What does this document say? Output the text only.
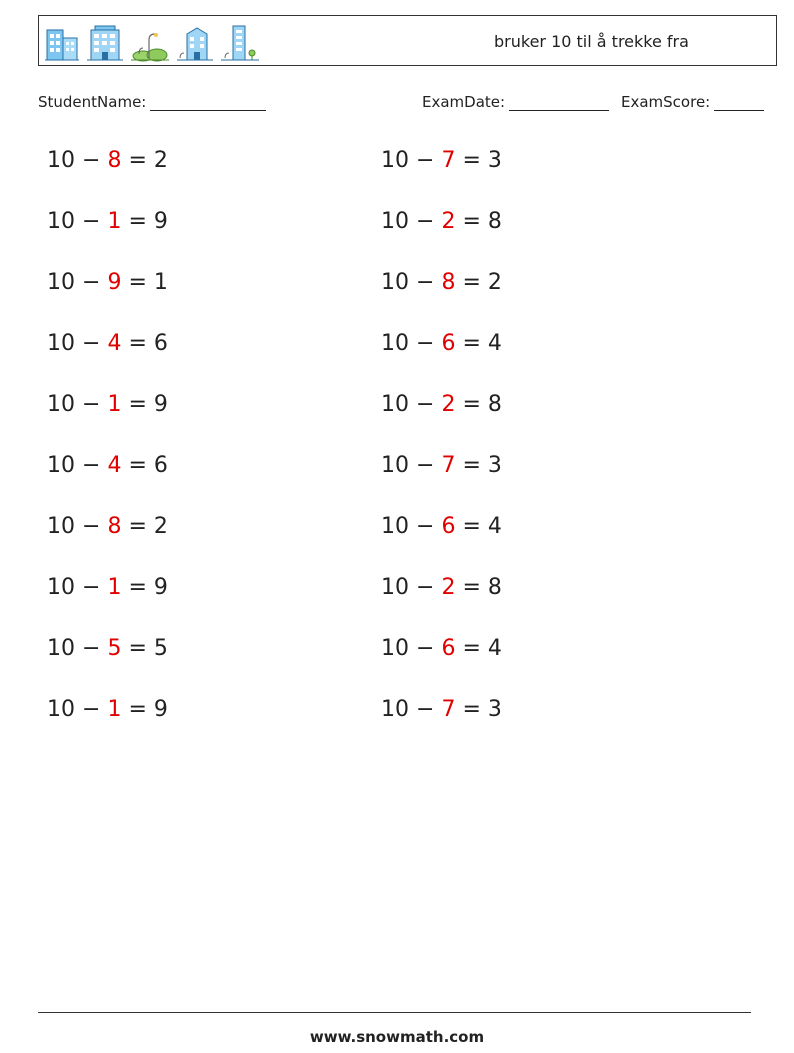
bruker 10 til å trekke fra
StudentName:	ExamDate:	ExamScore:
10 − 8 = 2
10 − 1 = 9
10 − 9 = 1
10 − 4 = 6
10 − 1 = 9
10 − 4 = 6
10 − 8 = 2
10 − 1 = 9
10 − 5 = 5
10 − 1 = 9
10 − 7 = 3
10 − 2 = 8
10 − 8 = 2
10 − 6 = 4
10 − 2 = 8
10 − 7 = 3
10 − 6 = 4
10 − 2 = 8
10 − 6 = 4
10 − 7 = 3
www.snowmath.com
